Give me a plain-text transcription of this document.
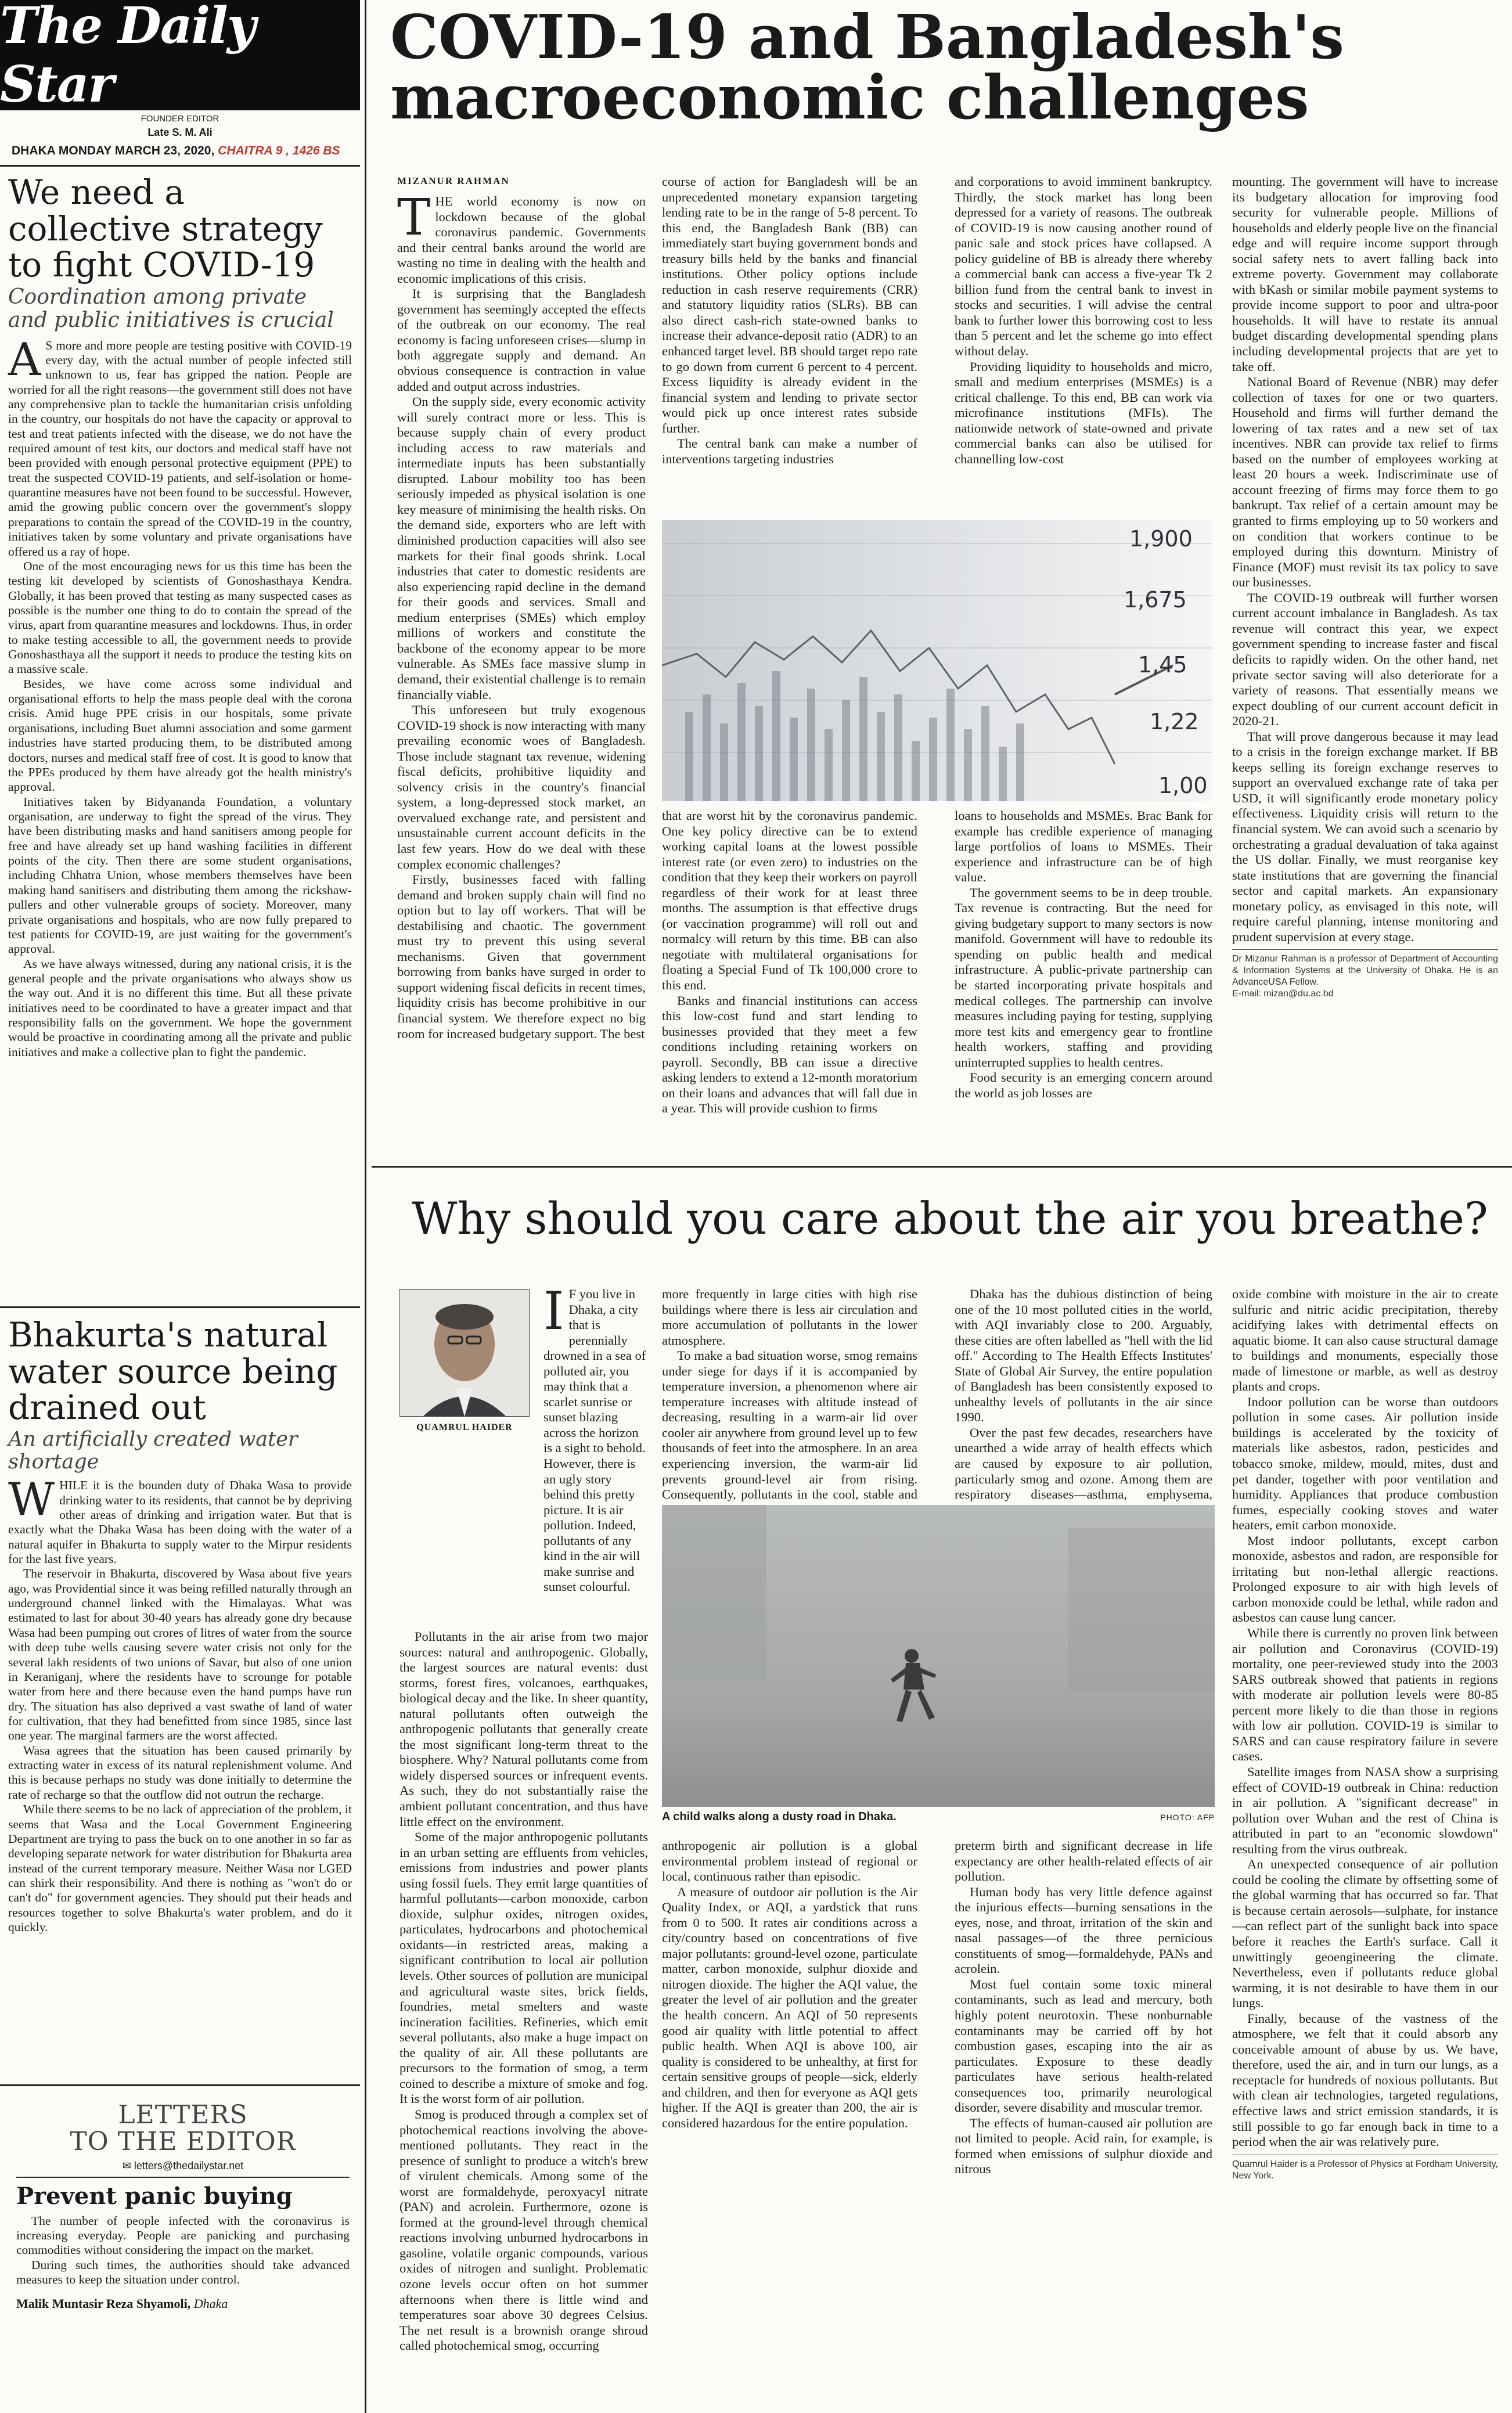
The Daily Star
FOUNDER EDITOR
Late S. M. Ali
DHAKA MONDAY MARCH 23, 2020, CHAITRA 9 , 1426 BS
We need a collective strategy to fight COVID-19
Coordination among private and public initiatives is crucial

A S more and more people are testing positive with COVID-19 every day, with the actual number of people infected still unknown to us, fear has gripped the nation. People are worried for all the right reasons—the government still does not have any comprehensive plan to tackle the humanitarian crisis unfolding in the country, our hospitals do not have the capacity or approval to test and treat patients infected with the disease, we do not have the required amount of test kits, our doctors and medical staff have not been provided with enough personal protective equipment (PPE) to treat the suspected COVID-19 patients, and self-isolation or home-quarantine measures have not been found to be successful. However, amid the growing public concern over the government's sloppy preparations to contain the spread of the COVID-19 in the country, initiatives taken by some voluntary and private organisations have offered us a ray of hope.

One of the most encouraging news for us this time has been the testing kit developed by scientists of Gonoshasthaya Kendra. Globally, it has been proved that testing as many suspected cases as possible is the number one thing to do to contain the spread of the virus, apart from quarantine measures and lockdowns. Thus, in order to make testing accessible to all, the government needs to provide Gonoshasthaya all the support it needs to produce the testing kits on a massive scale.

Besides, we have come across some individual and organisational efforts to help the mass people deal with the corona crisis. Amid huge PPE crisis in our hospitals, some private organisations, including Buet alumni association and some garment industries have started producing them, to be distributed among doctors, nurses and medical staff free of cost. It is good to know that the PPEs produced by them have already got the health ministry's approval.

Initiatives taken by Bidyananda Foundation, a voluntary organisation, are underway to fight the spread of the virus. They have been distributing masks and hand sanitisers among people for free and have already set up hand washing facilities in different points of the city. Then there are some student organisations, including Chhatra Union, whose members themselves have been making hand sanitisers and distributing them among the rickshaw-pullers and other vulnerable groups of society. Moreover, many private organisations and hospitals, who are now fully prepared to test patients for COVID-19, are just waiting for the government's approval.

As we have always witnessed, during any national crisis, it is the general people and the private organisations who always show us the way out. And it is no different this time. But all these private initiatives need to be coordinated to have a greater impact and that responsibility falls on the government. We hope the government would be proactive in coordinating among all the private and public initiatives and make a collective plan to fight the pandemic.

Bhakurta's natural water source being drained out
An artificially created water shortage

WHILE it is the bounden duty of Dhaka Wasa to provide drinking water to its residents, that cannot be by depriving other areas of drinking and irrigation water. But that is exactly what the Dhaka Wasa has been doing with the water of a natural aquifer in Bhakurta to supply water to the Mirpur residents for the last five years.

The reservoir in Bhakurta, discovered by Wasa about five years ago, was Providential since it was being refilled naturally through an underground channel linked with the Himalayas. What was estimated to last for about 30-40 years has already gone dry because Wasa had been pumping out crores of litres of water from the source with deep tube wells causing severe water crisis not only for the several lakh residents of two unions of Savar, but also of one union in Keraniganj, where the residents have to scrounge for potable water from here and there because even the hand pumps have run dry. The situation has also deprived a vast swathe of land of water for cultivation, that they had benefitted from since 1985, since last one year. The marginal farmers are the worst affected.

Wasa agrees that the situation has been caused primarily by extracting water in excess of its natural replenishment volume. And this is because perhaps no study was done initially to determine the rate of recharge so that the outflow did not outrun the recharge.

While there seems to be no lack of appreciation of the problem, it seems that Wasa and the Local Government Engineering Department are trying to pass the buck on to one another in so far as developing separate network for water distribution for Bhakurta area instead of the current temporary measure. Neither Wasa nor LGED can shirk their responsibility. And there is nothing as "won't do or can't do" for government agencies. They should put their heads and resources together to solve Bhakurta's water problem, and do it quickly.

LETTERS
TO THE EDITOR
✉ letters@thedailystar.net
Prevent panic buying

The number of people infected with the coronavirus is increasing everyday. People are panicking and purchasing commodities without considering the impact on the market.

During such times, the authorities should take advanced measures to keep the situation under control.

Malik Muntasir Reza Shyamoli, Dhaka
COVID-19 and Bangladesh's macroeconomic challenges
MIZANUR RAHMAN

THE world economy is now on lockdown because of the global coronavirus pandemic. Governments and their central banks around the world are wasting no time in dealing with the health and economic implications of this crisis.

It is surprising that the Bangladesh government has seemingly accepted the effects of the outbreak on our economy. The real economy is facing unforeseen crises—slump in both aggregate supply and demand. An obvious consequence is contraction in value added and output across industries.

On the supply side, every economic activity will surely contract more or less. This is because supply chain of every product including access to raw materials and intermediate inputs has been substantially disrupted. Labour mobility too has been seriously impeded as physical isolation is one key measure of minimising the health risks. On the demand side, exporters who are left with diminished production capacities will also see markets for their final goods shrink. Local industries that cater to domestic residents are also experiencing rapid decline in the demand for their goods and services. Small and medium enterprises (SMEs) which employ millions of workers and constitute the backbone of the economy appear to be more vulnerable. As SMEs face massive slump in demand, their existential challenge is to remain financially viable.

This unforeseen but truly exogenous COVID-19 shock is now interacting with many prevailing economic woes of Bangladesh. Those include stagnant tax revenue, widening fiscal deficits, prohibitive liquidity and solvency crisis in the country's financial system, a long-depressed stock market, an overvalued exchange rate, and persistent and unsustainable current account deficits in the last few years. How do we deal with these complex economic challenges?

Firstly, businesses faced with falling demand and broken supply chain will find no option but to lay off workers. That will be destabilising and chaotic. The government must try to prevent this using several mechanisms. Given that government borrowing from banks have surged in order to support widening fiscal deficits in recent times, liquidity crisis has become prohibitive in our financial system. We therefore expect no big room for increased budgetary support. The best

course of action for Bangladesh will be an unprecedented monetary expansion targeting lending rate to be in the range of 5-8 percent. To this end, the Bangladesh Bank (BB) can immediately start buying government bonds and treasury bills held by the banks and financial institutions. Other policy options include reduction in cash reserve requirements (CRR) and statutory liquidity ratios (SLRs). BB can also direct cash-rich state-owned banks to increase their advance-deposit ratio (ADR) to an enhanced target level. BB should target repo rate to go down from current 6 percent to 4 percent. Excess liquidity is already evident in the financial system and lending to private sector would pick up once interest rates subside further.

The central bank can make a number of interventions targeting industries

and corporations to avoid imminent bankruptcy. Thirdly, the stock market has long been depressed for a variety of reasons. The outbreak of COVID-19 is now causing another round of panic sale and stock prices have collapsed. A policy guideline of BB is already there whereby a commercial bank can access a five-year Tk 2 billion fund from the central bank to invest in stocks and securities. I will advise the central bank to further lower this borrowing cost to less than 5 percent and let the scheme go into effect without delay.

Providing liquidity to households and micro, small and medium enterprises (MSMEs) is a critical challenge. To this end, BB can work via microfinance institutions (MFIs). The nationwide network of state-owned and private commercial banks can also be utilised for channelling low-cost

1,900
1,675
1,45
1,22
1,00

that are worst hit by the coronavirus pandemic. One key policy directive can be to extend working capital loans at the lowest possible interest rate (or even zero) to industries on the condition that they keep their workers on payroll regardless of their work for at least three months. The assumption is that effective drugs (or vaccination programme) will roll out and normalcy will return by this time. BB can also negotiate with multilateral organisations for floating a Special Fund of Tk 100,000 crore to this end.

Banks and financial institutions can access this low-cost fund and start lending to businesses provided that they meet a few conditions including retaining workers on payroll. Secondly, BB can issue a directive asking lenders to extend a 12-month moratorium on their loans and advances that will fall due in a year. This will provide cushion to firms

loans to households and MSMEs. Brac Bank for example has credible experience of managing large portfolios of loans to MSMEs. Their experience and infrastructure can be of high value.

The government seems to be in deep trouble. Tax revenue is contracting. But the need for giving budgetary support to many sectors is now manifold. Government will have to redouble its spending on public health and medical infrastructure. A public-private partnership can be started incorporating private hospitals and medical colleges. The partnership can involve measures including paying for testing, supplying more test kits and emergency gear to frontline health workers, staffing and providing uninterrupted supplies to health centres.

Food security is an emerging concern around the world as job losses are

mounting. The government will have to increase its budgetary allocation for improving food security for vulnerable people. Millions of households and elderly people live on the financial edge and will require income support through social safety nets to avert falling back into extreme poverty. Government may collaborate with bKash or similar mobile payment systems to provide income support to poor and ultra-poor households. It will have to restate its annual budget discarding developmental spending plans including developmental projects that are yet to take off.

National Board of Revenue (NBR) may defer collection of taxes for one or two quarters. Household and firms will further demand the lowering of tax rates and a new set of tax incentives. NBR can provide tax relief to firms based on the number of employees working at least 20 hours a week. Indiscriminate use of account freezing of firms may force them to go bankrupt. Tax relief of a certain amount may be granted to firms employing up to 50 workers and on condition that workers continue to be employed during this downturn. Ministry of Finance (MOF) must revisit its tax policy to save our businesses.

The COVID-19 outbreak will further worsen current account imbalance in Bangladesh. As tax revenue will contract this year, we expect government spending to increase faster and fiscal deficits to rapidly widen. On the other hand, net private sector saving will also deteriorate for a variety of reasons. That essentially means we expect doubling of our current account deficit in 2020-21.

That will prove dangerous because it may lead to a crisis in the foreign exchange market. If BB keeps selling its foreign exchange reserves to support an overvalued exchange rate of taka per USD, it will significantly erode monetary policy effectiveness. Liquidity crisis will return to the financial system. We can avoid such a scenario by orchestrating a gradual devaluation of taka against the US dollar. Finally, we must reorganise key state institutions that are governing the financial sector and capital markets. An expansionary monetary policy, as envisaged in this note, will require careful planning, intense monitoring and prudent supervision at every stage.

Dr Mizanur Rahman is a professor of Department of Accounting & Information Systems at the University of Dhaka. He is an AdvanceUSA Fellow.
E-mail: mizan@du.ac.bd
Why should you care about the air you breathe?
QUAMRUL HAIDER

I F you live in Dhaka, a city that is perennially drowned in a sea of polluted air, you may think that a scarlet sunrise or sunset blazing across the horizon is a sight to behold. However, there is an ugly story behind this pretty picture. It is air pollution. Indeed, pollutants of any kind in the air will make sunrise and sunset colourful.

Pollutants in the air arise from two major sources: natural and anthropogenic. Globally, the largest sources are natural events: dust storms, forest fires, volcanoes, earthquakes, biological decay and the like. In sheer quantity, natural pollutants often outweigh the anthropogenic pollutants that generally create the most significant long-term threat to the biosphere. Why? Natural pollutants come from widely dispersed sources or infrequent events. As such, they do not substantially raise the ambient pollutant concentration, and thus have little effect on the environment.

Some of the major anthropogenic pollutants in an urban setting are effluents from vehicles, emissions from industries and power plants using fossil fuels. They emit large quantities of harmful pollutants—carbon monoxide, carbon dioxide, sulphur oxides, nitrogen oxides, particulates, hydrocarbons and photochemical oxidants—in restricted areas, making a significant contribution to local air pollution levels. Other sources of pollution are municipal and agricultural waste sites, brick fields, foundries, metal smelters and waste incineration facilities. Refineries, which emit several pollutants, also make a huge impact on the quality of air. All these pollutants are precursors to the formation of smog, a term coined to describe a mixture of smoke and fog. It is the worst form of air pollution.

Smog is produced through a complex set of photochemical reactions involving the above-mentioned pollutants. They react in the presence of sunlight to produce a witch's brew of virulent chemicals. Among some of the worst are formaldehyde, peroxyacyl nitrate (PAN) and acrolein. Furthermore, ozone is formed at the ground-level through chemical reactions involving unburned hydrocarbons in gasoline, volatile organic compounds, various oxides of nitrogen and sunlight. Problematic ozone levels occur often on hot summer afternoons when there is little wind and temperatures soar above 30 degrees Celsius. The net result is a brownish orange shroud called photochemical smog, occurring

more frequently in large cities with high rise buildings where there is less air circulation and more accumulation of pollutants in the lower atmosphere.

To make a bad situation worse, smog remains under siege for days if it is accompanied by temperature inversion, a phenomenon where air temperature increases with altitude instead of decreasing, resulting in a warm-air lid over cooler air anywhere from ground level up to few thousands of feet into the atmosphere. In an area experiencing inversion, the warm-air lid prevents ground-level air from rising. Consequently, pollutants in the cool, stable and

Dhaka has the dubious distinction of being one of the 10 most polluted cities in the world, with AQI invariably close to 200. Arguably, these cities are often labelled as "hell with the lid off." According to The Health Effects Institutes' State of Global Air Survey, the entire population of Bangladesh has been consistently exposed to unhealthy levels of pollutants in the air since 1990.

Over the past few decades, researchers have unearthed a wide array of health effects which are caused by exposure to air pollution, particularly smog and ozone. Among them are respiratory diseases—asthma, emphysema,

A child walks along a dusty road in Dhaka.	PHOTO: AFP

anthropogenic air pollution is a global environmental problem instead of regional or local, continuous rather than episodic.

A measure of outdoor air pollution is the Air Quality Index, or AQI, a yardstick that runs from 0 to 500. It rates air conditions across a city/country based on concentrations of five major pollutants: ground-level ozone, particulate matter, carbon monoxide, sulphur dioxide and nitrogen dioxide. The higher the AQI value, the greater the level of air pollution and the greater the health concern. An AQI of 50 represents good air quality with little potential to affect public health. When AQI is above 100, air quality is considered to be unhealthy, at first for certain sensitive groups of people—sick, elderly and children, and then for everyone as AQI gets higher. If the AQI is greater than 200, the air is considered hazardous for the entire population.

preterm birth and significant decrease in life expectancy are other health-related effects of air pollution.

Human body has very little defence against the injurious effects—burning sensations in the eyes, nose, and throat, irritation of the skin and nasal passages—of the three pernicious constituents of smog—formaldehyde, PANs and acrolein.

Most fuel contain some toxic mineral contaminants, such as lead and mercury, both highly potent neurotoxin. These nonburnable contaminants may be carried off by hot combustion gases, escaping into the air as particulates. Exposure to these deadly particulates have serious health-related consequences too, primarily neurological disorder, severe disability and muscular tremor.

The effects of human-caused air pollution are not limited to people. Acid rain, for example, is formed when emissions of sulphur dioxide and nitrous

oxide combine with moisture in the air to create sulfuric and nitric acidic precipitation, thereby acidifying lakes with detrimental effects on aquatic biome. It can also cause structural damage to buildings and monuments, especially those made of limestone or marble, as well as destroy plants and crops.

Indoor pollution can be worse than outdoors pollution in some cases. Air pollution inside buildings is accelerated by the toxicity of materials like asbestos, radon, pesticides and tobacco smoke, mildew, mould, mites, dust and pet dander, together with poor ventilation and humidity. Appliances that produce combustion fumes, especially cooking stoves and water heaters, emit carbon monoxide.

Most indoor pollutants, except carbon monoxide, asbestos and radon, are responsible for irritating but non-lethal allergic reactions. Prolonged exposure to air with high levels of carbon monoxide could be lethal, while radon and asbestos can cause lung cancer.

While there is currently no proven link between air pollution and Coronavirus (COVID-19) mortality, one peer-reviewed study into the 2003 SARS outbreak showed that patients in regions with moderate air pollution levels were 80-85 percent more likely to die than those in regions with low air pollution. COVID-19 is similar to SARS and can cause respiratory failure in severe cases.

Satellite images from NASA show a surprising effect of COVID-19 outbreak in China: reduction in air pollution. A "significant decrease" in pollution over Wuhan and the rest of China is attributed in part to an "economic slowdown" resulting from the virus outbreak.

An unexpected consequence of air pollution could be cooling the climate by offsetting some of the global warming that has occurred so far. That is because certain aerosols—sulphate, for instance—can reflect part of the sunlight back into space before it reaches the Earth's surface. Call it unwittingly geoengineering the climate. Nevertheless, even if pollutants reduce global warming, it is not desirable to have them in our lungs.

Finally, because of the vastness of the atmosphere, we felt that it could absorb any conceivable amount of abuse by us. We have, therefore, used the air, and in turn our lungs, as a receptacle for hundreds of noxious pollutants. But with clean air technologies, targeted regulations, effective laws and strict emission standards, it is still possible to go far enough back in time to a period when the air was relatively pure.

Quamrul Haider is a Professor of Physics at Fordham University, New York.
